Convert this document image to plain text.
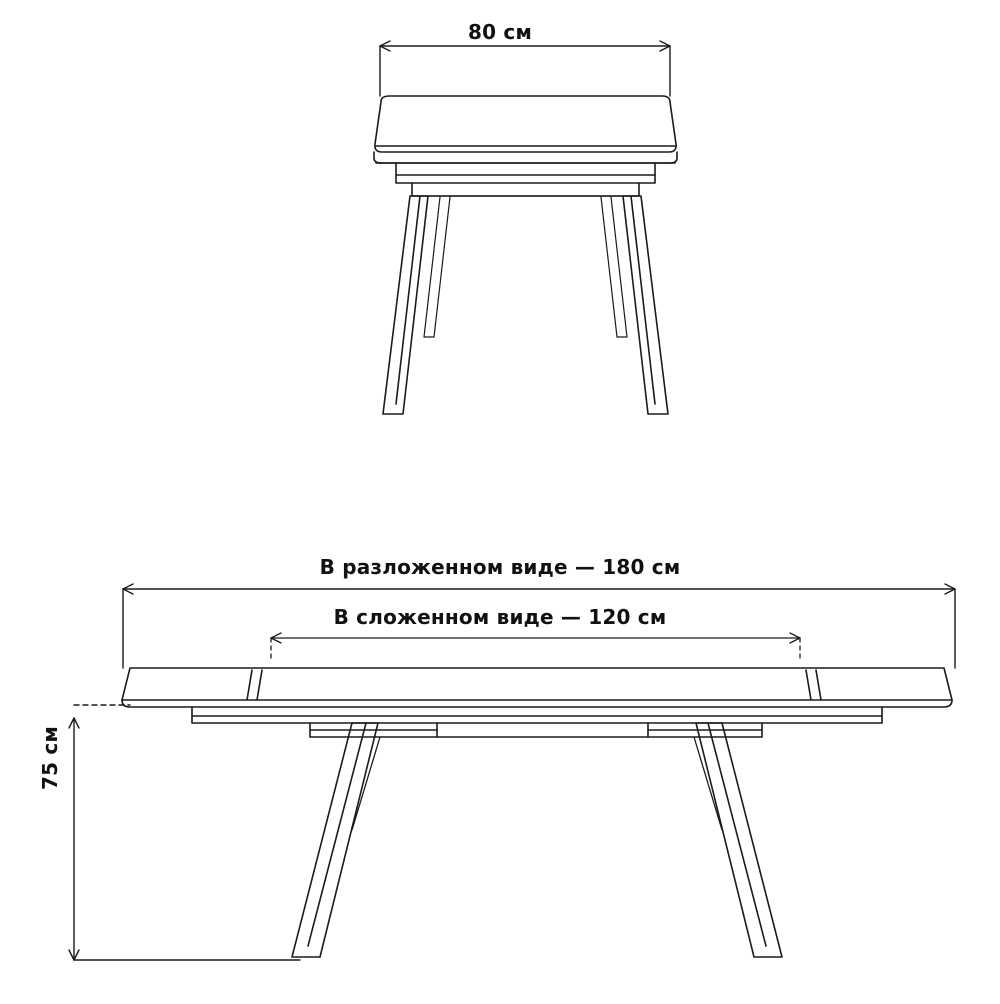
80 см
В разложенном виде — 180 см
В сложенном виде — 120 см
75 см
